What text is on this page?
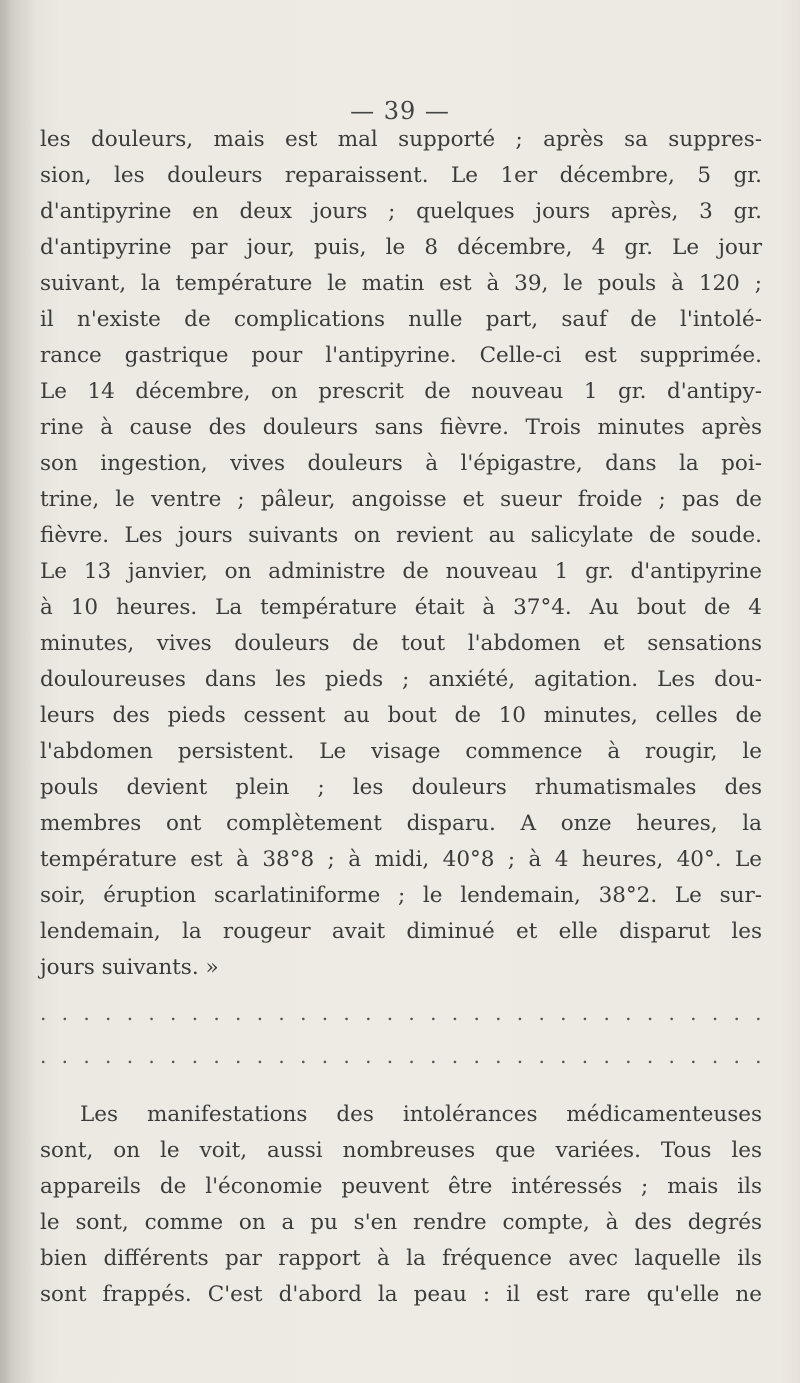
— 39 —
les douleurs, mais est mal supporté ; après sa suppres-
sion, les douleurs reparaissent. Le 1er décembre, 5 gr.
d'antipyrine en deux jours ; quelques jours après, 3 gr.
d'antipyrine par jour, puis, le 8 décembre, 4 gr. Le jour
suivant, la température le matin est à 39, le pouls à 120 ;
il n'existe de complications nulle part, sauf de l'intolé-
rance gastrique pour l'antipyrine. Celle-ci est supprimée.
Le 14 décembre, on prescrit de nouveau 1 gr. d'antipy-
rine à cause des douleurs sans fièvre. Trois minutes après
son ingestion, vives douleurs à l'épigastre, dans la poi-
trine, le ventre ; pâleur, angoisse et sueur froide ; pas de
fièvre. Les jours suivants on revient au salicylate de soude.
Le 13 janvier, on administre de nouveau 1 gr. d'antipyrine
à 10 heures. La température était à 37°4. Au bout de 4
minutes, vives douleurs de tout l'abdomen et sensations
douloureuses dans les pieds ; anxiété, agitation. Les dou-
leurs des pieds cessent au bout de 10 minutes, celles de
l'abdomen persistent. Le visage commence à rougir, le
pouls devient plein ; les douleurs rhumatismales des
membres ont complètement disparu. A onze heures, la
température est à 38°8 ; à midi, 40°8 ; à 4 heures, 40°. Le
soir, éruption scarlatiniforme ; le lendemain, 38°2. Le sur-
lendemain, la rougeur avait diminué et elle disparut les
jours suivants. »
. . . . . . . . . . . . . . . . . . . . . . . . . . . . . . . . . .
. . . . . . . . . . . . . . . . . . . . . . . . . . . . . . . . . .
Les manifestations des intolérances médicamenteuses
sont, on le voit, aussi nombreuses que variées. Tous les
appareils de l'économie peuvent être intéressés ; mais ils
le sont, comme on a pu s'en rendre compte, à des degrés
bien différents par rapport à la fréquence avec laquelle ils
sont frappés. C'est d'abord la peau : il est rare qu'elle ne
